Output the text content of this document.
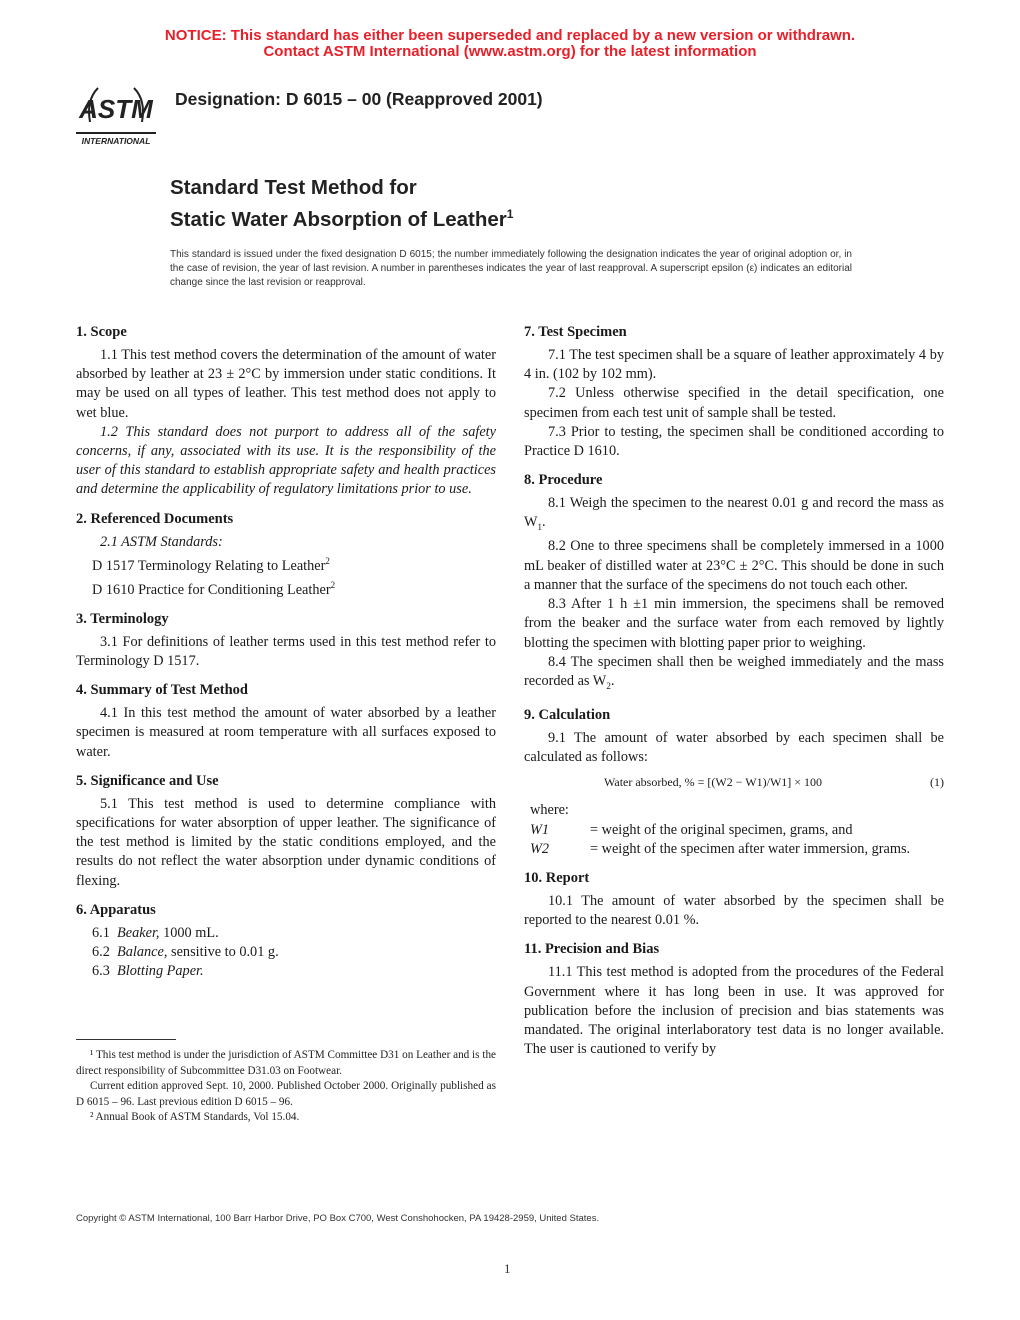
NOTICE: This standard has either been superseded and replaced by a new version or withdrawn.
Contact ASTM International (www.astm.org) for the latest information
ASTM
INTERNATIONAL
Designation: D 6015 – 00 (Reapproved 2001)
Standard Test Method for
Static Water Absorption of Leather$^1$
This standard is issued under the fixed designation D 6015; the number immediately following the designation indicates the year of original adoption or, in the case of revision, the year of last revision. A number in parentheses indicates the year of last reapproval. A superscript epsilon (ε) indicates an editorial change since the last revision or reapproval.
1. Scope

1.1 This test method covers the determination of the amount of water absorbed by leather at 23 ± 2°C by immersion under static conditions. It may be used on all types of leather. This test method does not apply to wet blue.

1.2 This standard does not purport to address all of the safety concerns, if any, associated with its use. It is the responsibility of the user of this standard to establish appropriate safety and health practices and determine the applicability of regulatory limitations prior to use.

2. Referenced Documents

2.1 ASTM Standards:

D 1517 Terminology Relating to Leather$^2$
D 1610 Practice for Conditioning Leather$^2$
3. Terminology

3.1 For definitions of leather terms used in this test method refer to Terminology D 1517.

4. Summary of Test Method

4.1 In this test method the amount of water absorbed by a leather specimen is measured at room temperature with all surfaces exposed to water.

5. Significance and Use

5.1 This test method is used to determine compliance with specifications for water absorption of upper leather. The significance of the test method is limited by the static conditions employed, and the results do not reflect the water absorption under dynamic conditions of flexing.

6. Apparatus
6.1 Beaker, 1000 mL.
6.2 Balance, sensitive to 0.01 g.
6.3 Blotting Paper.
7. Test Specimen

7.1 The test specimen shall be a square of leather approximately 4 by 4 in. (102 by 102 mm).

7.2 Unless otherwise specified in the detail specification, one specimen from each test unit of sample shall be tested.

7.3 Prior to testing, the specimen shall be conditioned according to Practice D 1610.

8. Procedure

8.1 Weigh the specimen to the nearest 0.01 g and record the mass as $W_1$.

8.2 One to three specimens shall be completely immersed in a 1000 mL beaker of distilled water at 23°C ± 2°C. This should be done in such a manner that the surface of the specimens do not touch each other.

8.3 After 1 h ±1 min immersion, the specimens shall be removed from the beaker and the surface water from each removed by lightly blotting the specimen with blotting paper prior to weighing.

8.4 The specimen shall then be weighed immediately and the mass recorded as $W_2$.

9. Calculation

9.1 The amount of water absorbed by each specimen shall be calculated as follows:

Water absorbed, % = [(W2 − W1)/W1] × 100	(1)
where:
W1	= weight of the original specimen, grams, and
W2	= weight of the specimen after water immersion, grams.
10. Report

10.1 The amount of water absorbed by the specimen shall be reported to the nearest 0.01 %.

11. Precision and Bias

11.1 This test method is adopted from the procedures of the Federal Government where it has long been in use. It was approved for publication before the inclusion of precision and bias statements was mandated. The original interlaboratory test data is no longer available. The user is cautioned to verify by

¹ This test method is under the jurisdiction of ASTM Committee D31 on Leather and is the direct responsibility of Subcommittee D31.03 on Footwear.

Current edition approved Sept. 10, 2000. Published October 2000. Originally published as D 6015 – 96. Last previous edition D 6015 – 96.

² Annual Book of ASTM Standards, Vol 15.04.

Copyright © ASTM International, 100 Barr Harbor Drive, PO Box C700, West Conshohocken, PA 19428-2959, United States.
1
